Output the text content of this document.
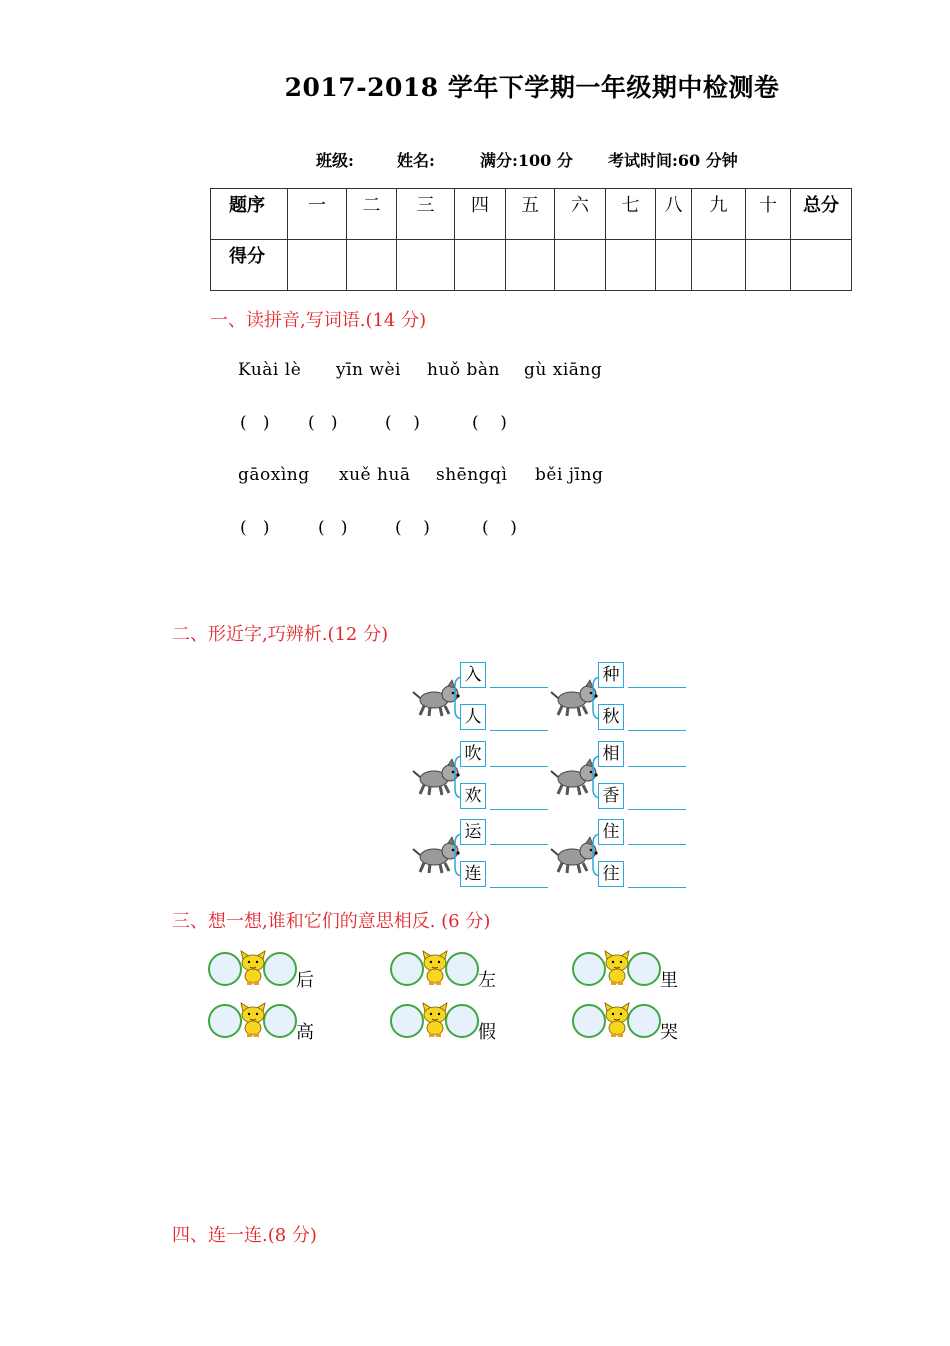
2017-2018 学年下学期一年级期中检测卷
班级:	姓名:	满分:100 分 考试时间:60 分钟
题序	一	二	三	四	五	六	七	八	九	十	总分
得分											
一、读拼音,写词语.(14 分)
Kuài lè yīn wèi huǒ bàn gù xiāng
(   ) (   )	(    )	(    )
gāoxìng xuě huā shēngqì běi jīng
(   )	(   )	(    )	(    )
二、形近字,巧辨析.(12 分)
入
人
种
秋
吹
欢
相
香
运
连
住
往
三、想一想,谁和它们的意思相反. (6 分)
后	左	里
高	假	哭
四、连一连.(8 分)
